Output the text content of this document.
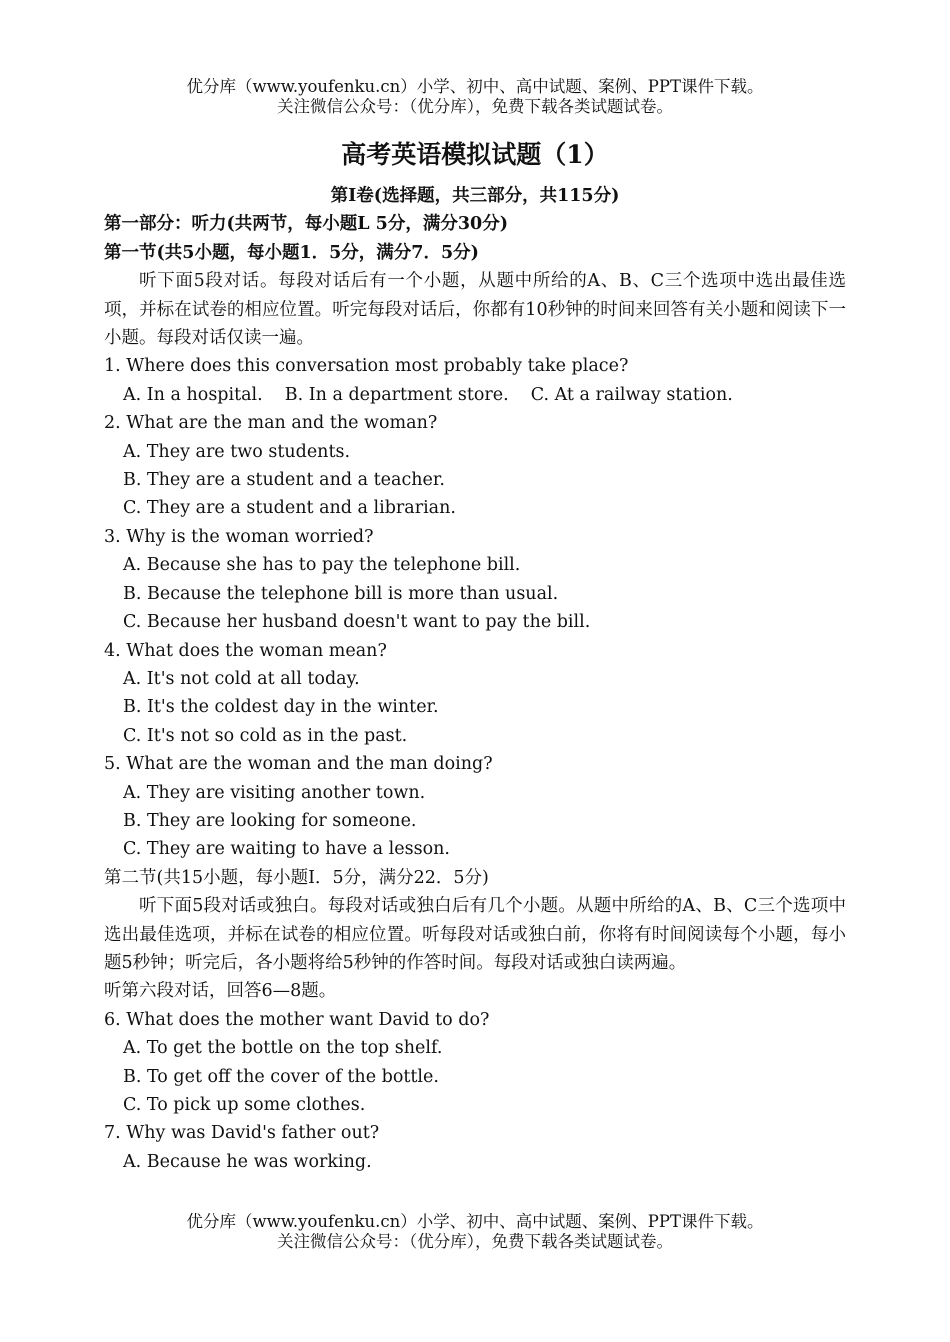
优分库（www.youfenku.cn）小学、初中、高中试题、案例、PPT课件下载。
关注微信公众号：（优分库），免费下载各类试题试卷。
高考英语模拟试题（1）
第I卷(选择题，共三部分，共115分)
第一部分：听力(共两节，每小题L 5分，满分30分)
第一节(共5小题，每小题1．5分，满分7．5分)
听下面5段对话。每段对话后有一个小题，从题中所给的A、B、C三个选项中选出最佳选项，并标在试卷的相应位置。听完每段对话后，你都有10秒钟的时间来回答有关小题和阅读下一小题。每段对话仅读一遍。
1. Where does this conversation most probably take place?
A. In a hospital. B. In a department store. C. At a railway station.
2. What are the man and the woman?
A. They are two students.
B. They are a student and a teacher.
C. They are a student and a librarian.
3. Why is the woman worried?
A. Because she has to pay the telephone bill.
B. Because the telephone bill is more than usual.
C. Because her husband doesn't want to pay the bill.
4. What does the woman mean?
A. It's not cold at all today.
B. It's the coldest day in the winter.
C. It's not so cold as in the past.
5. What are the woman and the man doing?
A. They are visiting another town.
B. They are looking for someone.
C. They are waiting to have a lesson.
第二节(共15小题，每小题I．5分，满分22．5分)
听下面5段对话或独白。每段对话或独白后有几个小题。从题中所给的A、B、C三个选项中选出最佳选项，并标在试卷的相应位置。听每段对话或独白前，你将有时间阅读每个小题，每小题5秒钟；听完后，各小题将给5秒钟的作答时间。每段对话或独白读两遍。
听第六段对话，回答6—8题。
6. What does the mother want David to do?
A. To get the bottle on the top shelf.
B. To get off the cover of the bottle.
C. To pick up some clothes.
7. Why was David's father out?
A. Because he was working.
优分库（www.youfenku.cn）小学、初中、高中试题、案例、PPT课件下载。
关注微信公众号：（优分库），免费下载各类试题试卷。
